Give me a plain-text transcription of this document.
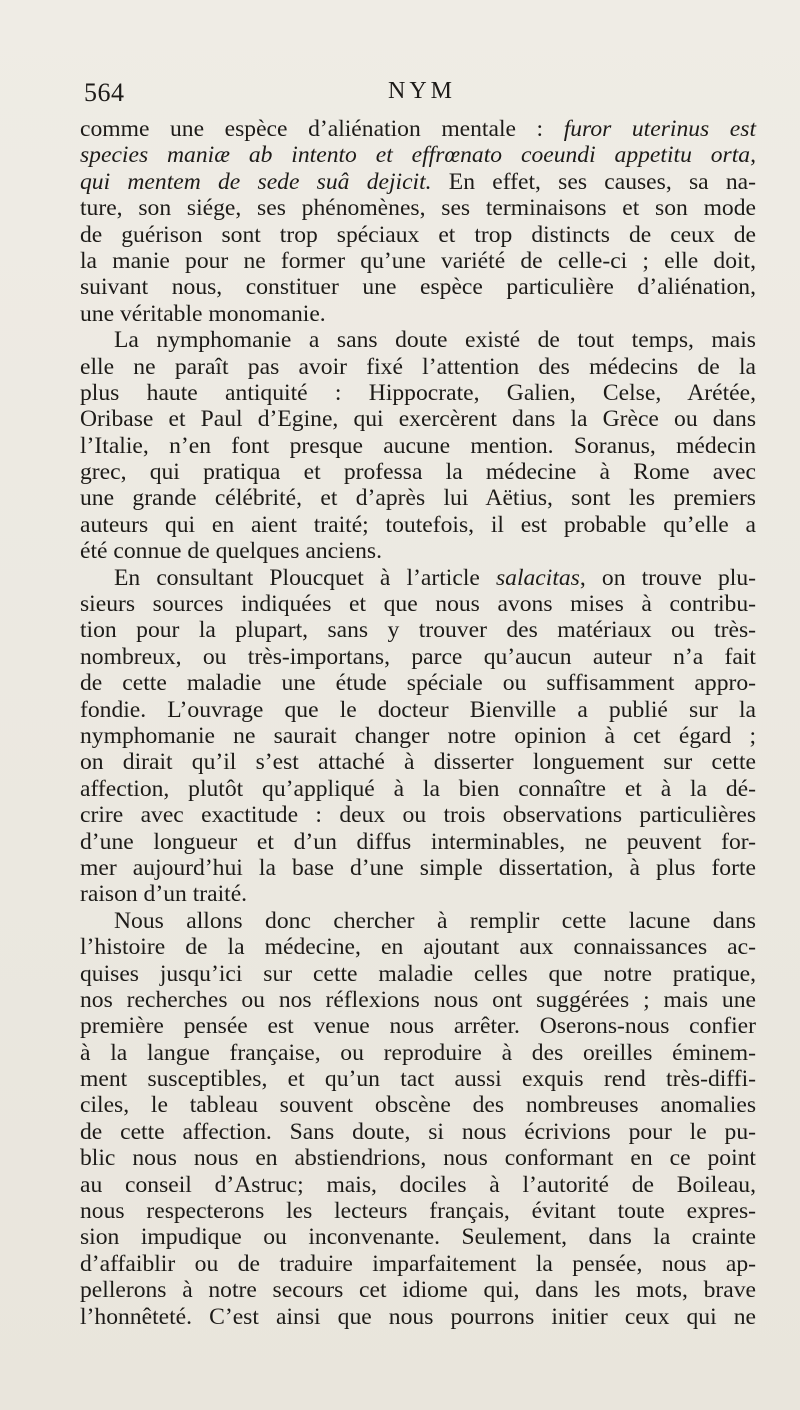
564	NYM
comme une espèce d’aliénation mentale : furor uterinus est
species maniæ ab intento et effrœnato coeundi appetitu orta,
qui mentem de sede suâ dejicit. En effet, ses causes, sa na-
ture, son siége, ses phénomènes, ses terminaisons et son mode
de guérison sont trop spéciaux et trop distincts de ceux de
la manie pour ne former qu’une variété de celle-ci ; elle doit,
suivant nous, constituer une espèce particulière d’aliénation,
une véritable monomanie.
La nymphomanie a sans doute existé de tout temps, mais
elle ne paraît pas avoir fixé l’attention des médecins de la
plus haute antiquité : Hippocrate, Galien, Celse, Arétée,
Oribase et Paul d’Egine, qui exercèrent dans la Grèce ou dans
l’Italie, n’en font presque aucune mention. Soranus, médecin
grec, qui pratiqua et professa la médecine à Rome avec
une grande célébrité, et d’après lui Aëtius, sont les premiers
auteurs qui en aient traité; toutefois, il est probable qu’elle a
été connue de quelques anciens.
En consultant Ploucquet à l’article salacitas, on trouve plu-
sieurs sources indiquées et que nous avons mises à contribu-
tion pour la plupart, sans y trouver des matériaux ou très-
nombreux, ou très-importans, parce qu’aucun auteur n’a fait
de cette maladie une étude spéciale ou suffisamment appro-
fondie. L’ouvrage que le docteur Bienville a publié sur la
nymphomanie ne saurait changer notre opinion à cet égard ;
on dirait qu’il s’est attaché à disserter longuement sur cette
affection, plutôt qu’appliqué à la bien connaître et à la dé-
crire avec exactitude : deux ou trois observations particulières
d’une longueur et d’un diffus interminables, ne peuvent for-
mer aujourd’hui la base d’une simple dissertation, à plus forte
raison d’un traité.
Nous allons donc chercher à remplir cette lacune dans
l’histoire de la médecine, en ajoutant aux connaissances ac-
quises jusqu’ici sur cette maladie celles que notre pratique,
nos recherches ou nos réflexions nous ont suggérées ; mais une
première pensée est venue nous arrêter. Oserons-nous confier
à la langue française, ou reproduire à des oreilles éminem-
ment susceptibles, et qu’un tact aussi exquis rend très-diffi-
ciles, le tableau souvent obscène des nombreuses anomalies
de cette affection. Sans doute, si nous écrivions pour le pu-
blic nous nous en abstiendrions, nous conformant en ce point
au conseil d’Astruc; mais, dociles à l’autorité de Boileau,
nous respecterons les lecteurs français, évitant toute expres-
sion impudique ou inconvenante. Seulement, dans la crainte
d’affaiblir ou de traduire imparfaitement la pensée, nous ap-
pellerons à notre secours cet idiome qui, dans les mots, brave
l’honnêteté. C’est ainsi que nous pourrons initier ceux qui ne
